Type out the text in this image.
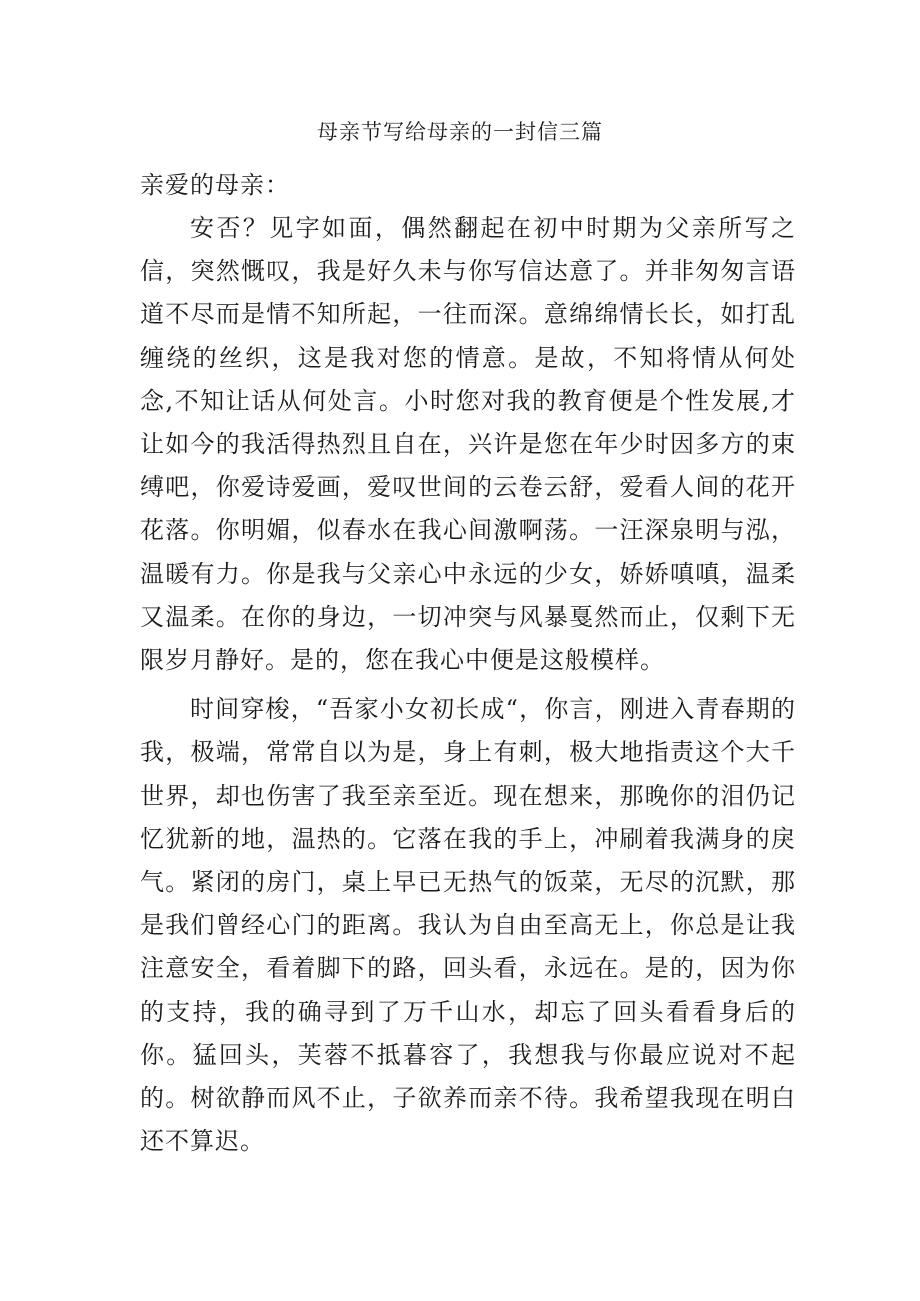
母亲节写给母亲的一封信三篇

亲爱的母亲：

安否？见字如面，偶然翻起在初中时期为父亲所写之信，突然慨叹，我是好久未与你写信达意了。并非匆匆言语道不尽而是情不知所起，一往而深。意绵绵情长长，如打乱缠绕的丝织，这是我对您的情意。是故，不知将情从何处念,不知让话从何处言。小时您对我的教育便是个性发展,才让如今的我活得热烈且自在，兴许是您在年少时因多方的束缚吧，你爱诗爱画，爱叹世间的云卷云舒，爱看人间的花开花落。你明媚，似春水在我心间激啊荡。一汪深泉明与泓，温暖有力。你是我与父亲心中永远的少女，娇娇嗔嗔，温柔又温柔。在你的身边，一切冲突与风暴戛然而止，仅剩下无限岁月静好。是的，您在我心中便是这般模样。

时间穿梭，“吾家小女初长成“，你言，刚进入青春期的我，极端，常常自以为是，身上有刺，极大地指责这个大千世界，却也伤害了我至亲至近。现在想来，那晚你的泪仍记忆犹新的地，温热的。它落在我的手上，冲刷着我满身的戾气。紧闭的房门，桌上早已无热气的饭菜，无尽的沉默，那是我们曾经心门的距离。我认为自由至高无上，你总是让我注意安全，看着脚下的路，回头看，永远在。是的，因为你的支持，我的确寻到了万千山水，却忘了回头看看身后的你。猛回头，芙蓉不抵暮容了，我想我与你最应说对不起的。树欲静而风不止，子欲养而亲不待。我希望我现在明白还不算迟。
